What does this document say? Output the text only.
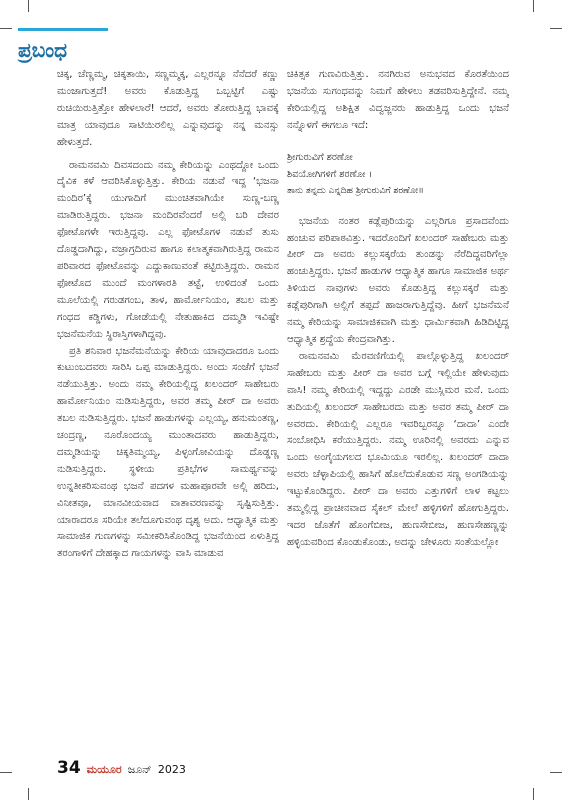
ಪ್ರಬಂಧ

ಚಿಕ್ಕ, ಚೆಣ್ಣಮ್ಮ, ಚಿಕ್ಕತಾಯಿ, ಸಣ್ಣಮ್ಮಕ್ಕ, ಎಲ್ಲರನ್ನೂ ನೆನೆದರೆ ಕಣ್ಣು ಮಂಜಾಗುತ್ತದೆ! ಅವರು ಕೊಡುತ್ತಿದ್ದ ಒಬ್ಬಟ್ಟಿಗೆ ಎಷ್ಟು ರುಚಿಯಿರುತ್ತಿತ್ತೋ ಹೇಳಲಾರೆ! ಆದರೆ, ಅವರು ತೋರುತ್ತಿದ್ದ ಭಾವಕ್ಕೆ ಮಾತ್ರ ಯಾವುದೂ ಸಾಟಿಯಿರಲಿಲ್ಲ ಎನ್ನುವುದನ್ನು ನನ್ನ ಮನಸ್ಸು ಹೇಳುತ್ತದೆ.

ರಾಮನವಮಿ ದಿವಸದಂದು ನಮ್ಮ ಕೇರಿಯನ್ನು ಎಂಥದ್ದೋ ಒಂದು ದೈವಿಕ ಕಳೆ ಆವರಿಸಿಕೊಳ್ಳುತ್ತಿತ್ತು. ಕೇರಿಯ ನಡುವೆ ಇದ್ದ ‘ಭಜನಾ ಮಂದಿರ’ಕ್ಕೆ ಯುಗಾದಿಗೆ ಮುಂಚಿತವಾಗಿಯೇ ಸುಣ್ಣ-ಬಣ್ಣ ಮಾಡಿರುತ್ತಿದ್ದರು. ಭಜನಾ ಮಂದಿರವೆಂದರೆ ಅಲ್ಲಿ ಬರಿ ದೇವರ ಫೋಟೊಗಳೇ ಇರುತ್ತಿದ್ದವು. ಎಲ್ಲ ಫೋಟೊಗಳ ನಡುವೆ ತುಸು ದೊಡ್ಡದಾಗಿದ್ದು, ವಜ್ರಾಗ್ರದಿರುವ ಹಾಗೂ ಕಲಾತ್ಮಕವಾಗಿರುತ್ತಿದ್ದ ರಾಮನ ಪರಿವಾರದ ಫೋಟೊವನ್ನು ಎದ್ದುಕಾಣುವಂತೆ ಕಟ್ಟಿರುತ್ತಿದ್ದರು. ರಾಮನ ಫೋಟೊದ ಮುಂದೆ ಮಂಗಳಾರತಿ ತಟ್ಟೆ, ಉಳಿದಂತೆ ಒಂದು ಮೂಲೆಯಲ್ಲಿ ಗರುಡಗಂಬ, ತಾಳ, ಹಾರ್ಮೋನಿಯಂ, ತಬಲ ಮತ್ತು ಗಂಧದ ಕಡ್ಡಿಗಳು, ಗೋಡೆಯಲ್ಲಿ ನೇತುಹಾಕಿದ ದಮ್ಮಡಿ ಇವಿಷ್ಟೇ ಭಜನೆಮನೆಯ ಸ್ಥಿರಾಸ್ತಿಗಳಾಗಿದ್ದವು.

ಪ್ರತಿ ಶನಿವಾರ ಭಜನೆಮನೆಯನ್ನು ಕೇರಿಯ ಯಾವುದಾದರೂ ಒಂದು ಕುಟುಂಬದವರು ಸಾರಿಸಿ ಒಪ್ಪ ಮಾಡುತ್ತಿದ್ದರು. ಅಂದು ಸಂಜೆಗೆ ಭಜನೆ ನಡೆಯುತ್ತಿತ್ತು. ಅಂದು ನಮ್ಮ ಕೇರಿಯಲ್ಲಿದ್ದ ಖಲಂದರ್ ಸಾಹೇಬರು ಹಾರ್ಮೋನಿಯಂ ನುಡಿಸುತ್ತಿದ್ದರು, ಅವರ ತಮ್ಮ ಪೀರ್ ದಾ ಅವರು ತಬಲ ನುಡಿಸುತ್ತಿದ್ದರು. ಭಜನೆ ಹಾಡುಗಳನ್ನು ಎಲ್ಲಯ್ಯ, ಹನುಮಂತಣ್ಣ, ಚಂದ್ರಣ್ಣ, ನೂರೊಂದಯ್ಯ ಮುಂತಾದವರು ಹಾಡುತ್ತಿದ್ದರು, ದಮ್ಮಡಿಯನ್ನು ಚಿಕ್ಕತಿಮ್ಮಯ್ಯ, ಪಿಳ್ಳಂಗೋವಿಯನ್ನು ದೊಡ್ಡಣ್ಣ ನುಡಿಸುತ್ತಿದ್ದರು. ಸ್ಥಳೀಯ ಪ್ರತಿಭೆಗಳ ಸಾಮರ್ಥ್ಯವನ್ನು ಉನ್ನತೀಕರಿಸುವಂಥ ಭಜನೆ ಪದಗಳ ಮಹಾಪೂರವೇ ಅಲ್ಲಿ ಹರಿದು, ವಿನೀತವೂ, ಮಾನವೀಯವಾದ ವಾತಾವರಣವನ್ನು ಸೃಷ್ಟಿಸುತ್ತಿತ್ತು. ಯಾರಾದರೂ ಸರಿಯೇ ತಲೆದೂಗುವಂಥ ದೃಶ್ಯ ಅದು. ಆಧ್ಯಾತ್ಮಿಕ ಮತ್ತು ಸಾಮಾಜಿಕ ಗುಣಗಳನ್ನು ಸಮೀಕರಿಸಿಕೊಂಡಿದ್ದ ಭಜನೆಯಿಂದ ಏಳುತ್ತಿದ್ದ ತರಂಗಾಳಿಗೆ ದೇಹಕ್ಕಾದ ಗಾಯಗಳನ್ನು ವಾಸಿ ಮಾಡುವ

ಚಿಕಿತ್ಸಕ ಗುಣವಿರುತ್ತಿತ್ತು. ನನಗಿರುವ ಅನುಭವದ ಕೊರತೆಯಿಂದ ಭಜನೆಯ ಸುಗಂಧವನ್ನು ನಿಮಗೆ ಹೇಳಲು ತಡವರಿಸುತ್ತಿದ್ದೇನೆ. ನಮ್ಮ ಕೇರಿಯಲ್ಲಿದ್ದ ಅಶಿಕ್ಷಿತ ವಿದ್ವಜ್ಜನರು ಹಾಡುತ್ತಿದ್ದ ಒಂದು ಭಜನೆ ನನ್ನೊಳಗೆ ಈಗಲೂ ಇದೆ:

ಶ್ರೀಗುರುವಿಗೆ ಶರಣೋ
ಶಿವಯೋಗಿಗಳಿಗೆ ಶರಣೋ ।
ತಾನು ತನ್ನದು ಎನ್ನದಿಹ ಶ್ರೀಗುರುವಿಗೆ ಶರಣೋ॥

ಭಜನೆಯ ನಂತರ ಕಡ್ಲೆಪುರಿಯನ್ನು ಎಲ್ಲರಿಗೂ ಪ್ರಸಾದವೆಂದು ಹಂಚುವ ಪರಿಪಾಠವಿತ್ತು. ಇದರೊಂದಿಗೆ ಖಲಂದರ್ ಸಾಹೇಬರು ಮತ್ತು ಪೀರ್ ದಾ ಅವರು ಕಲ್ಲುಸಕ್ಕರೆಯ ತುಂಡನ್ನು ನೆರೆದಿದ್ದವರಿಗೆಲ್ಲಾ ಹಂಚುತ್ತಿದ್ದರು. ಭಜನೆ ಹಾಡುಗಳ ಆಧ್ಯಾತ್ಮಿಕ ಹಾಗೂ ಸಾಮಾಜಿಕ ಅರ್ಥ ತಿಳಿಯದ ನಾವುಗಳು ಅವರು ಕೊಡುತ್ತಿದ್ದ ಕಲ್ಲುಸಕ್ಕರೆ ಮತ್ತು ಕಡ್ಲೆಪುರಿಗಾಗಿ ಅಲ್ಲಿಗೆ ತಪ್ಪದೆ ಹಾಜರಾಗುತ್ತಿದ್ದೆವು. ಹೀಗೆ ಭಜನೆಮನೆ ನಮ್ಮ ಕೇರಿಯನ್ನು ಸಾಮಾಜಿಕವಾಗಿ ಮತ್ತು ಧಾರ್ಮಿಕವಾಗಿ ಹಿಡಿದಿಟ್ಟಿದ್ದ ಆಧ್ಯಾತ್ಮಿಕ ಶ್ರದ್ಧೆಯ ಕೇಂದ್ರವಾಗಿತ್ತು.

ರಾಮನವಮಿ ಮೆರವಣಿಗೆಯಲ್ಲಿ ಪಾಲ್ಗೊಳ್ಳುತ್ತಿದ್ದ ಖಲಂದರ್ ಸಾಹೇಬರು ಮತ್ತು ಪೀರ್ ದಾ ಅವರ ಬಗ್ಗೆ ಇಲ್ಲಿಯೇ ಹೇಳುವುದು ವಾಸಿ! ನಮ್ಮ ಕೇರಿಯಲ್ಲಿ ಇದ್ದದ್ದು ಎರಡೇ ಮುಸ್ಲಿಮರ ಮನೆ. ಒಂದು ತುದಿಯಲ್ಲಿ ಖಲಂದರ್ ಸಾಹೇಬರದು ಮತ್ತು ಅವರ ತಮ್ಮ ಪೀರ್ ದಾ ಅವರದು. ಕೇರಿಯಲ್ಲಿ ಎಲ್ಲರೂ ಇವರಿಬ್ಬರನ್ನೂ ‘ದಾದಾ’ ಎಂದೇ ಸಂಬೋಧಿಸಿ ಕರೆಯುತ್ತಿದ್ದರು. ನಮ್ಮ ಊರಿನಲ್ಲಿ ಅವರದು ಎನ್ನುವ ಒಂದು ಅಂಗೈಯಗಲದ ಭೂಮಿಯೂ ಇರಲಿಲ್ಲ. ಖಲಂದರ್ ದಾದಾ ಅವರು ಚೆಳ್ಳಾಪಿಯಲ್ಲಿ ಹಾಸಿಗೆ ಹೊಲೆದುಕೊಡುವ ಸಣ್ಣ ಅಂಗಡಿಯನ್ನು ಇಟ್ಟುಕೊಂಡಿದ್ದರು. ಪೀರ್ ದಾ ಅವರು ಎತ್ತುಗಳಿಗೆ ಲಾಳ ಕಟ್ಟಲು ತಮ್ಮಲ್ಲಿದ್ದ ಪ್ರಾಚೀನವಾದ ಸೈಕಲ್ ಮೇಲೆ ಹಳ್ಳಿಗಳಿಗೆ ಹೋಗುತ್ತಿದ್ದರು. ಇದರ ಜೊತೆಗೆ ಹೊಂಗೆಬೀಜ, ಹುಣಸೇಬೀಜ, ಹುಣಸೇಹಣ್ಣನ್ನು ಹಳ್ಳಿಯವರಿಂದ ಕೊಂಡುಕೊಂಡು, ಅದನ್ನು ಚೇಳೂರು ಸಂತೆಯಲ್ಲೋ

34 ಮಯೂರ ಜೂನ್ 2023
